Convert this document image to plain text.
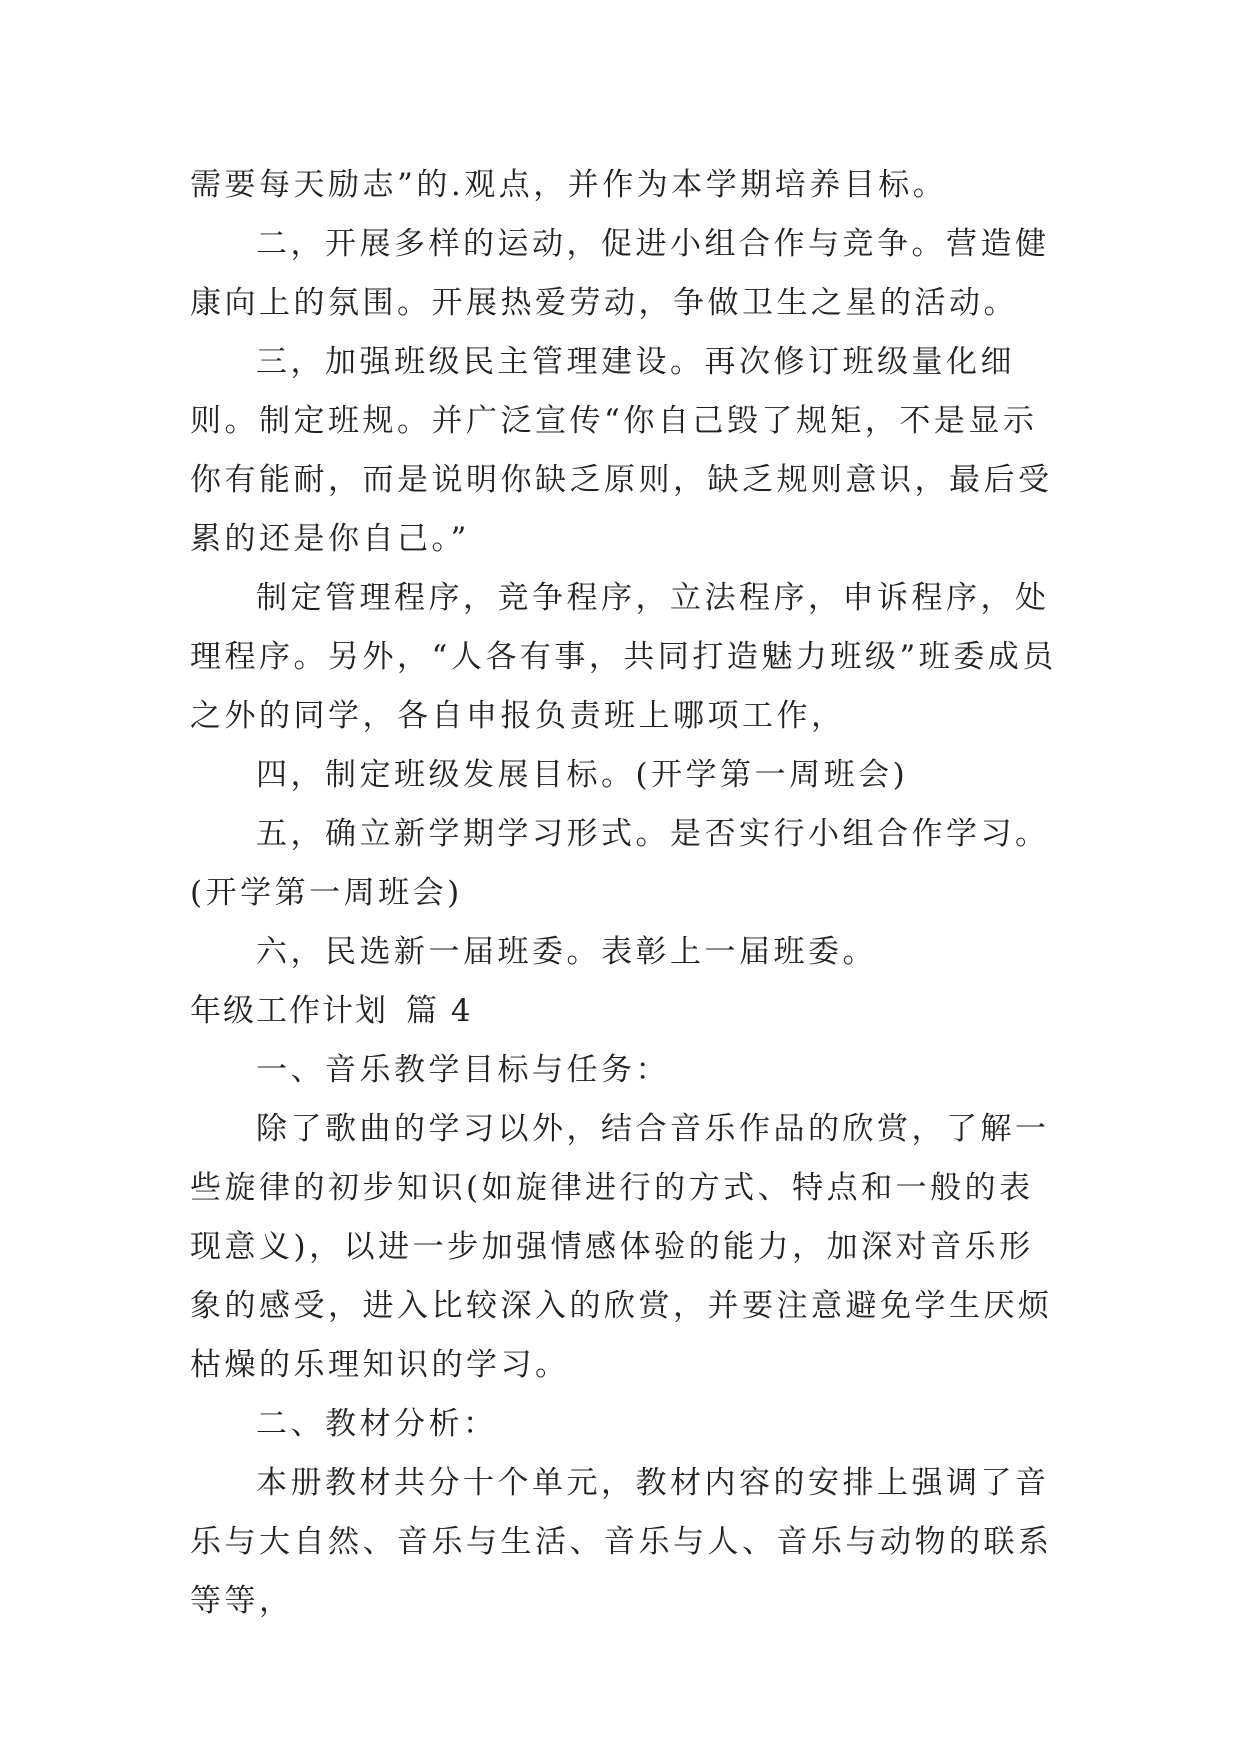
需要每天励志”的.观点，并作为本学期培养目标。

二，开展多样的运动，促进小组合作与竞争。营造健康向上的氛围。开展热爱劳动，争做卫生之星的活动。

三，加强班级民主管理建设。再次修订班级量化细则。制定班规。并广泛宣传“你自己毁了规矩，不是显示你有能耐，而是说明你缺乏原则，缺乏规则意识，最后受累的还是你自己。”

制定管理程序，竞争程序，立法程序，申诉程序，处理程序。另外，“人各有事，共同打造魅力班级”班委成员之外的同学，各自申报负责班上哪项工作，

四，制定班级发展目标。(开学第一周班会)

五，确立新学期学习形式。是否实行小组合作学习。(开学第一周班会)

六，民选新一届班委。表彰上一届班委。

年级工作计划 篇 4

一、音乐教学目标与任务：

除了歌曲的学习以外，结合音乐作品的欣赏，了解一些旋律的初步知识(如旋律进行的方式、特点和一般的表现意义)，以进一步加强情感体验的能力，加深对音乐形象的感受，进入比较深入的欣赏，并要注意避免学生厌烦枯燥的乐理知识的学习。

二、教材分析：

本册教材共分十个单元，教材内容的安排上强调了音乐与大自然、音乐与生活、音乐与人、音乐与动物的联系等等，
